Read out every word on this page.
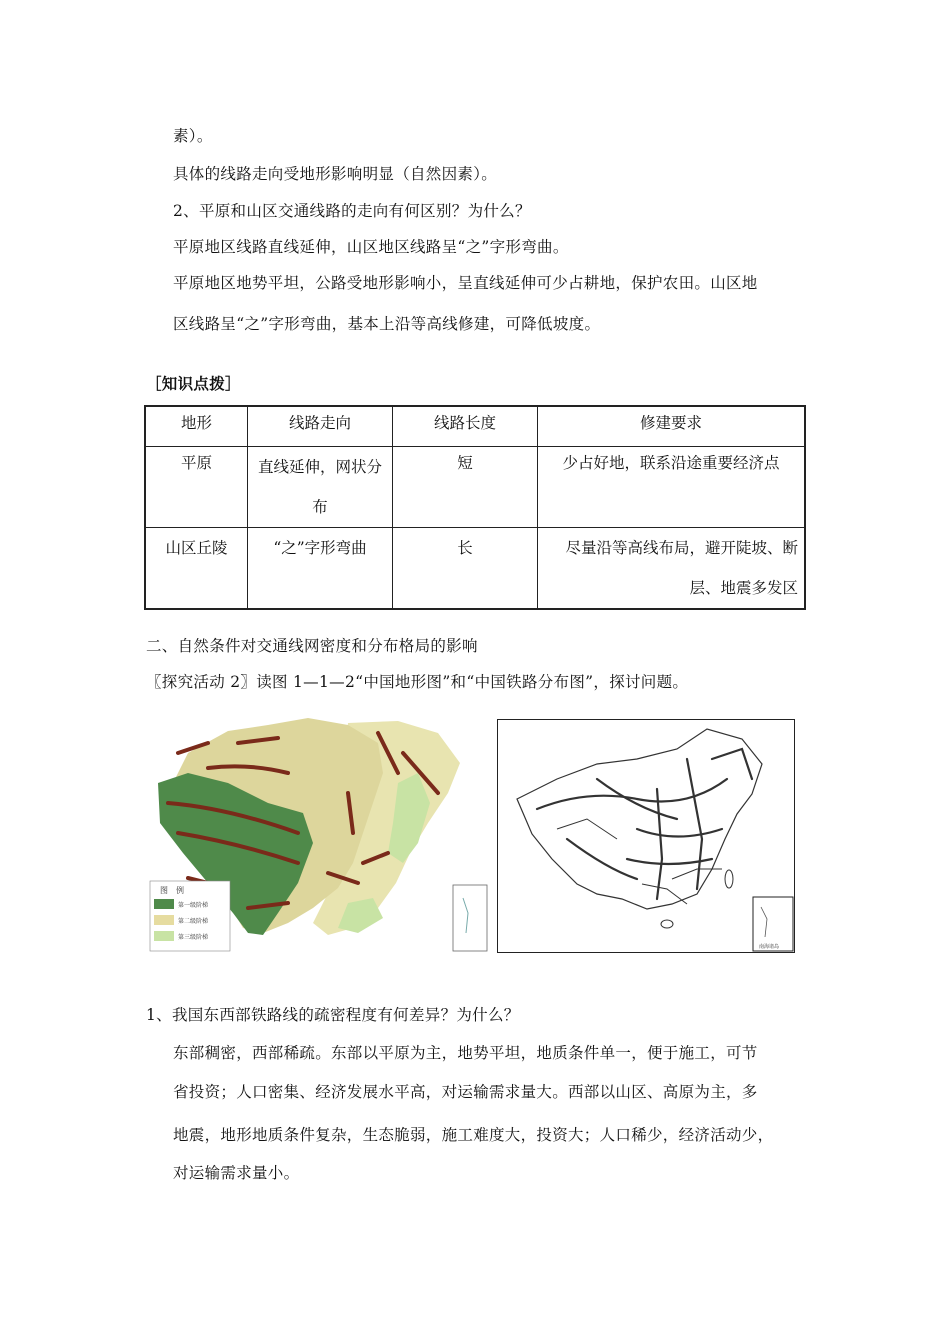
素）。
具体的线路走向受地形影响明显（自然因素）。
2、平原和山区交通线路的走向有何区别？为什么？
平原地区线路直线延伸，山区地区线路呈“之”字形弯曲。
平原地区地势平坦，公路受地形影响小，呈直线延伸可少占耕地，保护农田。山区地
区线路呈“之”字形弯曲，基本上沿等高线修建，可降低坡度。
［知识点拨］
地形	线路走向	线路长度	修建要求
平原	直线延伸，网状分布	短	少占好地，联系沿途重要经济点
山区丘陵	“之”字形弯曲	长	尽量沿等高线布局，避开陡坡、断层、地震多发区
二、自然条件对交通线网密度和分布格局的影响
〖探究活动 2〗读图 1—1—2“中国地形图”和“中国铁路分布图”，探讨问题。
图　例
第一级阶梯
第二级阶梯
第三级阶梯
南海诸岛
1、我国东西部铁路线的疏密程度有何差异？为什么？
东部稠密，西部稀疏。东部以平原为主，地势平坦，地质条件单一，便于施工，可节
省投资；人口密集、经济发展水平高，对运输需求量大。西部以山区、高原为主，多
地震，地形地质条件复杂，生态脆弱，施工难度大，投资大；人口稀少，经济活动少，
对运输需求量小。
